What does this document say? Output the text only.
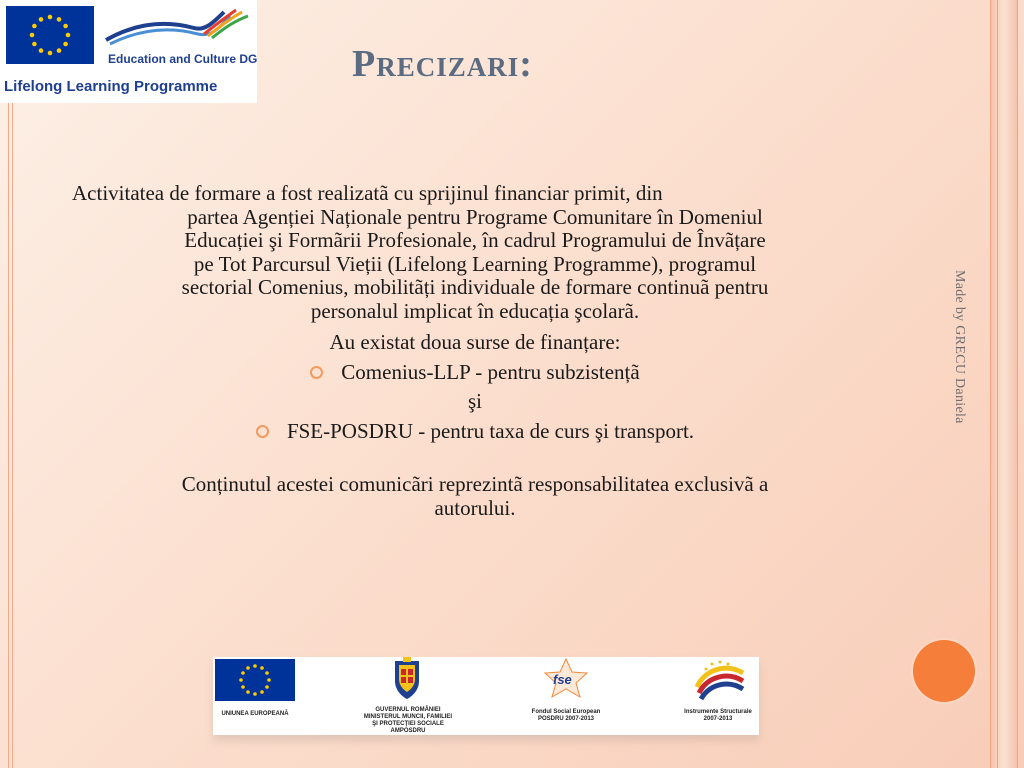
Education and Culture DG
Lifelong Learning Programme
Precizari:

Activitatea de formare a fost realizatã cu sprijinul financiar primit, din
partea Agenției Naționale pentru Programe Comunitare în Domeniul
Educației şi Formãrii Profesionale, în cadrul Programului de Învãțare
pe Tot Parcursul Vieții (Lifelong Learning Programme), programul
sectorial Comenius, mobilitãți individuale de formare continuã pentru
personalul implicat în educația şcolarã.

Au existat doua surse de finanțare:
Comenius-LLP - pentru subzistențã
şi
FSE-POSDRU - pentru taxa de curs şi transport.
Conținutul acestei comunicãri reprezintã responsabilitatea exclusivã a
autorului.
Made by GRECU Daniela
UNIUNEA EUROPEANĂ
GUVERNUL ROMÂNIEI
MINISTERUL MUNCII, FAMILIEI
ŞI PROTECŢIEI SOCIALE
AMPOSDRU
fse
Fondul Social European
POSDRU 2007-2013
Instrumente Structurale
2007-2013
